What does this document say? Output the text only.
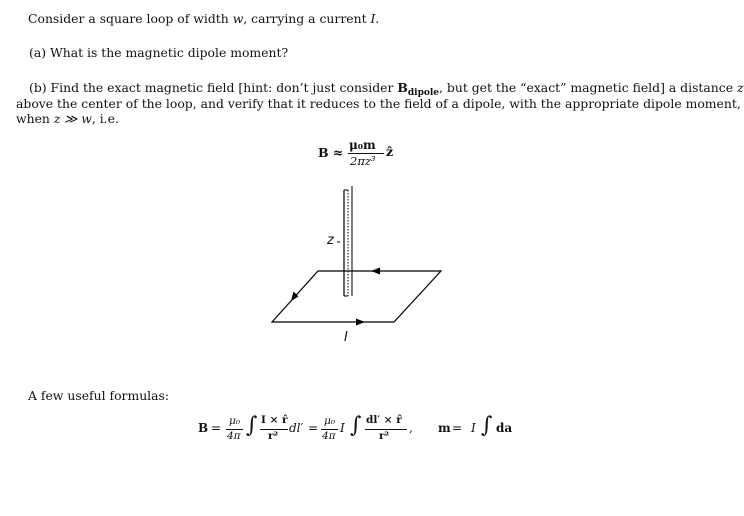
Consider a square loop of width w, carrying a current I.

(a) What is the magnetic dipole moment?

(b) Find the exact magnetic field [hint: don’t just consider $B_{dipole}$, but get the “exact” magnetic field] a distance z

above the center of the loop, and verify that it reduces to the field of a dipole, with the appropriate dipole moment,

when z ≫ w, i.e.

B ≈ μ₀m
2πz³
ẑ
z
I

A few useful formulas:

B = μ₀
4π ∫ I × r̂
r²
dl′ = μ₀
4π
I ∫ dl′ × r̂
r²
, m = I ∫ da
